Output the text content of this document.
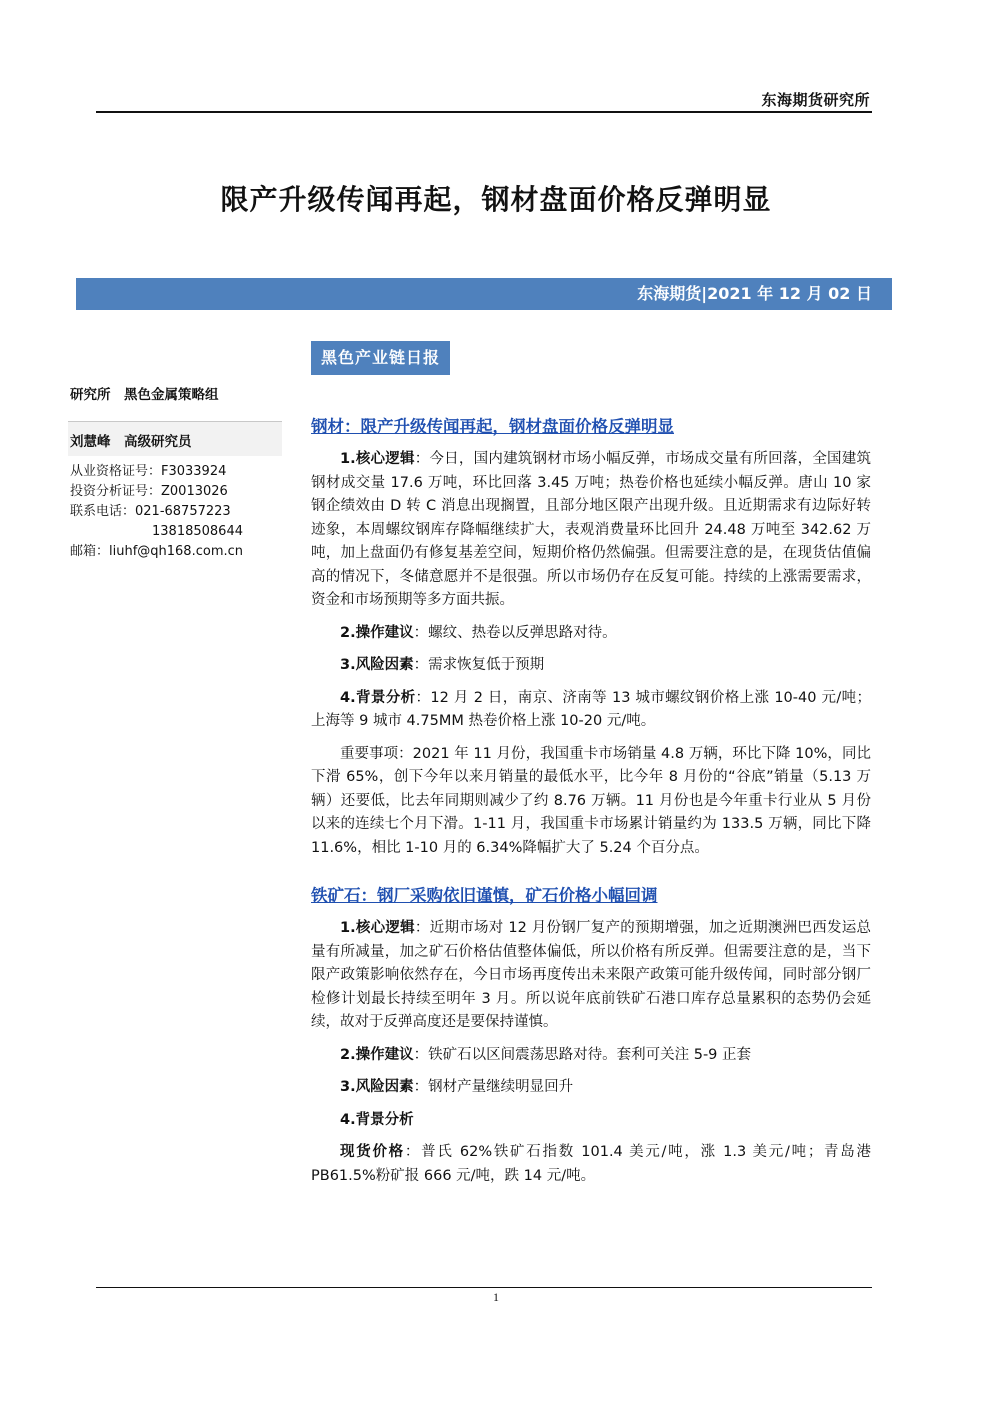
东海期货研究所
限产升级传闻再起，钢材盘面价格反弹明显
东海期货|2021 年 12 月 02 日
黑色产业链日报
研究所　黑色金属策略组
刘慧峰　高级研究员
从业资格证号：F3033924
投资分析证号：Z0013026
联系电话：021-68757223
13818508644
邮箱：liuhf@qh168.com.cn
钢材：限产升级传闻再起，钢材盘面价格反弹明显

1.核心逻辑：今日，国内建筑钢材市场小幅反弹，市场成交量有所回落，全国建筑钢材成交量 17.6 万吨，环比回落 3.45 万吨；热卷价格也延续小幅反弹。唐山 10 家钢企绩效由 D 转 C 消息出现搁置，且部分地区限产出现升级。且近期需求有边际好转迹象，本周螺纹钢库存降幅继续扩大，表观消费量环比回升 24.48 万吨至 342.62 万吨，加上盘面仍有修复基差空间，短期价格仍然偏强。但需要注意的是，在现货估值偏高的情况下，冬储意愿并不是很强。所以市场仍存在反复可能。持续的上涨需要需求，资金和市场预期等多方面共振。

2.操作建议：螺纹、热卷以反弹思路对待。

3.风险因素：需求恢复低于预期

4.背景分析：12 月 2 日，南京、济南等 13 城市螺纹钢价格上涨 10-40 元/吨；上海等 9 城市 4.75MM 热卷价格上涨 10-20 元/吨。

重要事项：2021 年 11 月份，我国重卡市场销量 4.8 万辆，环比下降 10%，同比下滑 65%，创下今年以来月销量的最低水平，比今年 8 月份的“谷底”销量（5.13 万辆）还要低，比去年同期则减少了约 8.76 万辆。11 月份也是今年重卡行业从 5 月份以来的连续七个月下滑。1-11 月，我国重卡市场累计销量约为 133.5 万辆，同比下降 11.6%，相比 1-10 月的 6.34%降幅扩大了 5.24 个百分点。

铁矿石：钢厂采购依旧谨慎，矿石价格小幅回调

1.核心逻辑：近期市场对 12 月份钢厂复产的预期增强，加之近期澳洲巴西发运总量有所减量，加之矿石价格估值整体偏低，所以价格有所反弹。但需要注意的是，当下限产政策影响依然存在，今日市场再度传出未来限产政策可能升级传闻，同时部分钢厂检修计划最长持续至明年 3 月。所以说年底前铁矿石港口库存总量累积的态势仍会延续，故对于反弹高度还是要保持谨慎。

2.操作建议：铁矿石以区间震荡思路对待。套利可关注 5-9 正套

3.风险因素：钢材产量继续明显回升

4.背景分析

现货价格：普氏 62%铁矿石指数 101.4 美元/吨，涨 1.3 美元/吨；青岛港 PB61.5%粉矿报 666 元/吨，跌 14 元/吨。

1
